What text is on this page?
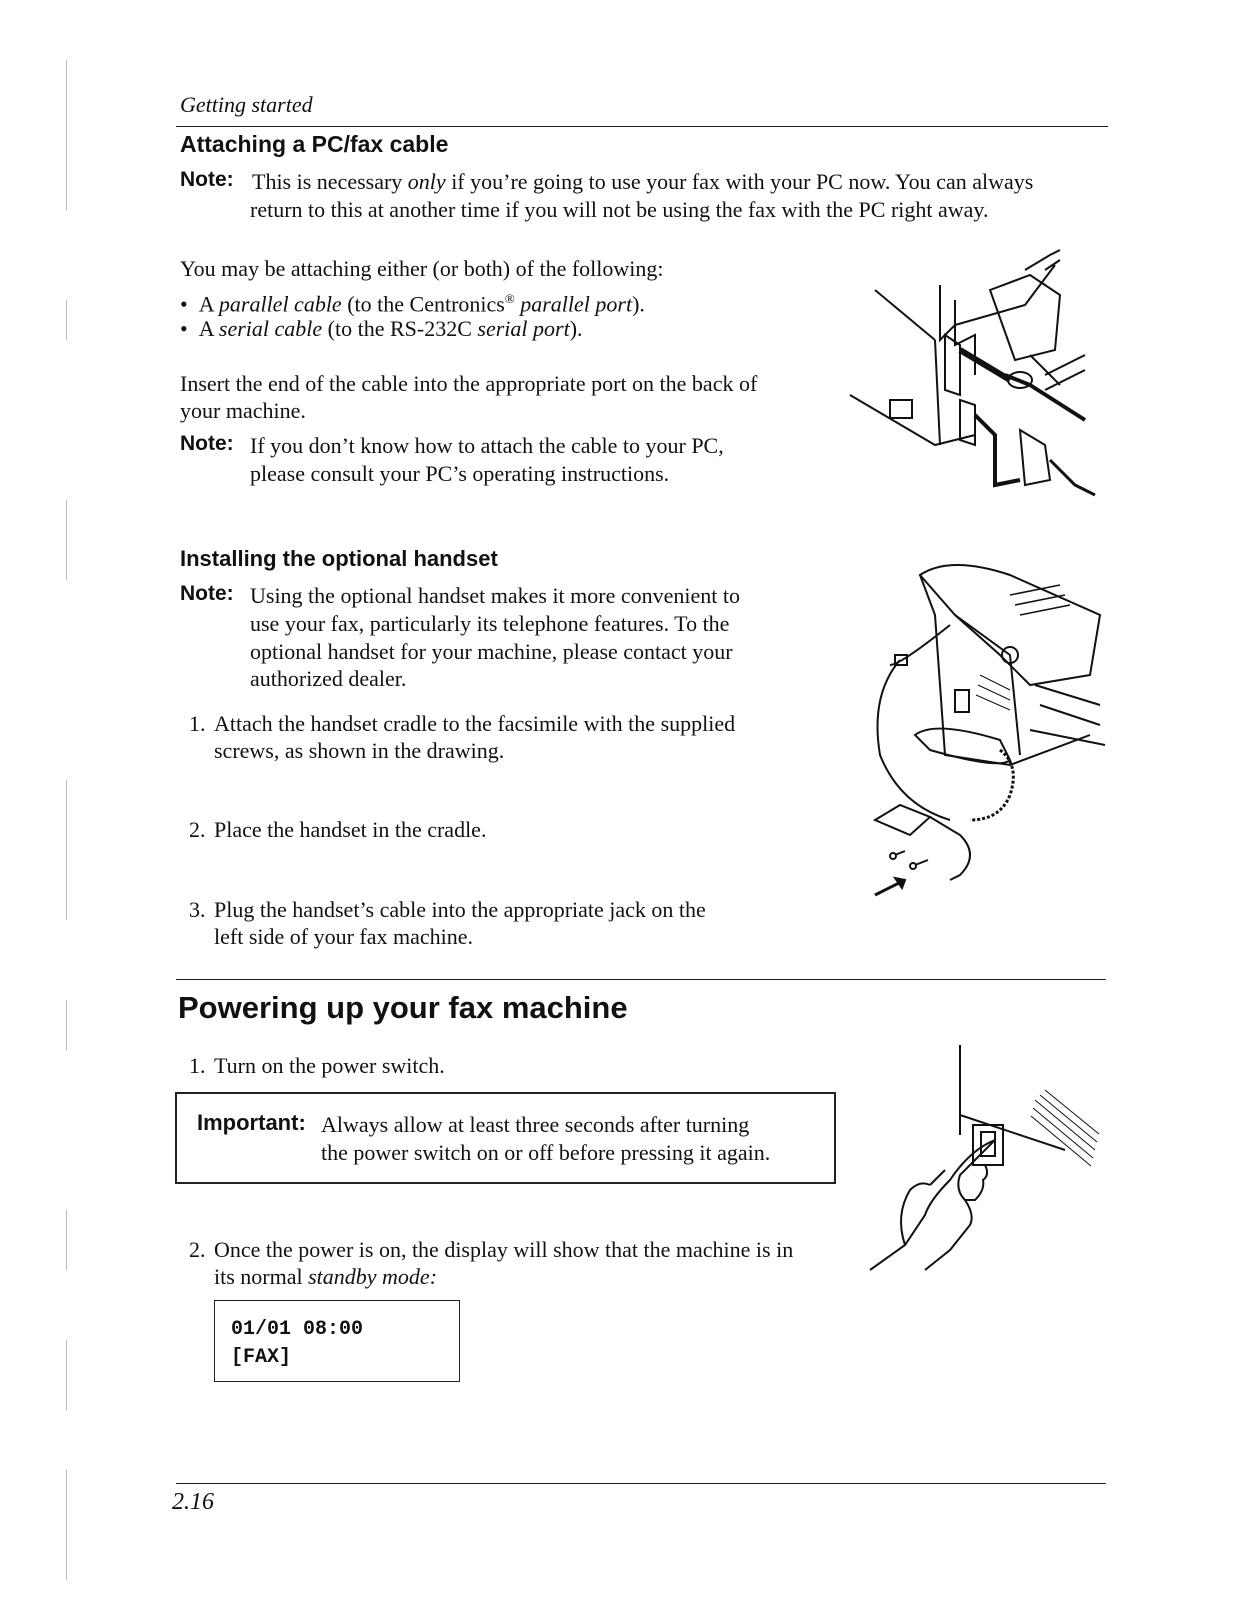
Getting started
Attaching a PC/fax cable
Note: This is necessary only if you’re going to use your fax with your PC now. You can always
return to this at another time if you will not be using the fax with the PC right away.
You may be attaching either (or both) of the following:
•  A parallel cable (to the Centronics® parallel port).
•  A serial cable (to the RS-232C serial port).
Insert the end of the cable into the appropriate port on the back of
your machine.
Note: If you don’t know how to attach the cable to your PC,
please consult your PC’s operating instructions.
Installing the optional handset
Note: Using the optional handset makes it more convenient to
use your fax, particularly its telephone features. To the
optional handset for your machine, please contact your
authorized dealer.
1. Attach the handset cradle to the facsimile with the supplied
screws, as shown in the drawing.
2. Place the handset in the cradle.
3. Plug the handset’s cable into the appropriate jack on the
left side of your fax machine.
Powering up your fax machine
1. Turn on the power switch.
Important: Always allow at least three seconds after turning
the power switch on or off before pressing it again.
2. Once the power is on, the display will show that the machine is in
its normal standby mode:
01/01 08:00
[FAX]
2.16
